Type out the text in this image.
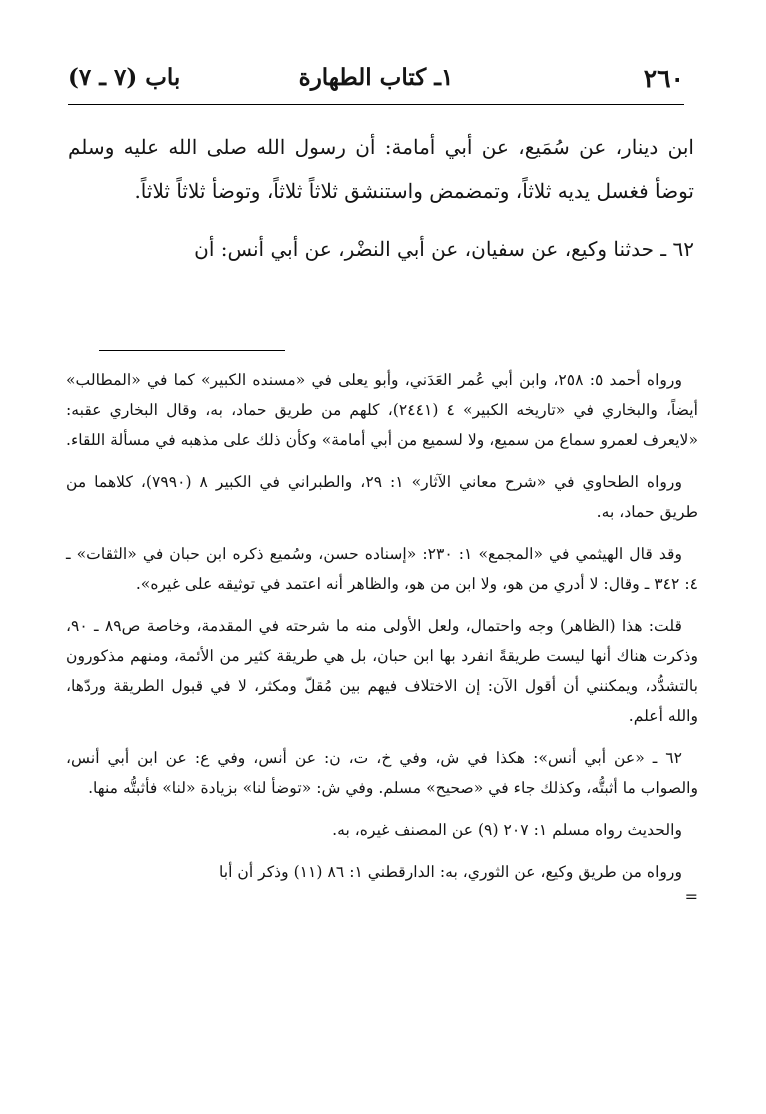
٢٦٠
١ـ كتاب الطهارة
باب (٧ ـ ٧)

ابن دينار، عن سُمَيع، عن أبي أمامة: أن رسول الله صلى الله عليه وسلم توضأ فغسل يديه ثلاثاً، وتمضمض واستنشق ثلاثاً ثلاثاً، وتوضأ ثلاثاً ثلاثاً.

٦٢ ـ حدثنا وكيع، عن سفيان، عن أبي النضْر، عن أبي أنس: أن

ورواه أحمد ٥: ٢٥٨، وابن أبي عُمر العَدَني، وأبو يعلى في «مسنده الكبير» كما في «المطالب» أيضاً، والبخاري في «تاريخه الكبير» ٤ (٢٤٤١)، كلهم من طريق حماد، به، وقال البخاري عقبه: «لايعرف لعمرو سماع من سميع، ولا لسميع من أبي أمامة» وكأن ذلك على مذهبه في مسألة اللقاء.

ورواه الطحاوي في «شرح معاني الآثار» ١: ٢٩، والطبراني في الكبير ٨ (٧٩٩٠)، كلاهما من طريق حماد، به.

وقد قال الهيثمي في «المجمع» ١: ٢٣٠: «إسناده حسن، وسُميع ذكره ابن حبان في «الثقات» ـ ٤: ٣٤٢ ـ وقال: لا أدري من هو، ولا ابن من هو، والظاهر أنه اعتمد في توثيقه على غيره».

قلت: هذا (الظاهر) وجه واحتمال، ولعل الأولى منه ما شرحته في المقدمة، وخاصة ص٨٩ ـ ٩٠، وذكرت هناك أنها ليست طريقةً انفرد بها ابن حبان، بل هي طريقة كثير من الأئمة، ومنهم مذكورون بالتشدُّد، ويمكنني أن أقول الآن: إن الاختلاف فيهم بين مُقلّ ومكثر، لا في قبول الطريقة وردّها، والله أعلم.

٦٢ ـ «عن أبي أنس»: هكذا في ش، وفي خ، ت، ن: عن أنس، وفي ع: عن ابن أبي أنس، والصواب ما أثبتُّه، وكذلك جاء في «صحيح» مسلم. وفي ش: «توضأ لنا» بزيادة «لنا» فأثبتُّه منها.

والحديث رواه مسلم ١: ٢٠٧ (٩) عن المصنف غيره، به.

ورواه من طريق وكيع، عن الثوري، به: الدارقطني ١: ٨٦ (١١) وذكر أن أبا

=
